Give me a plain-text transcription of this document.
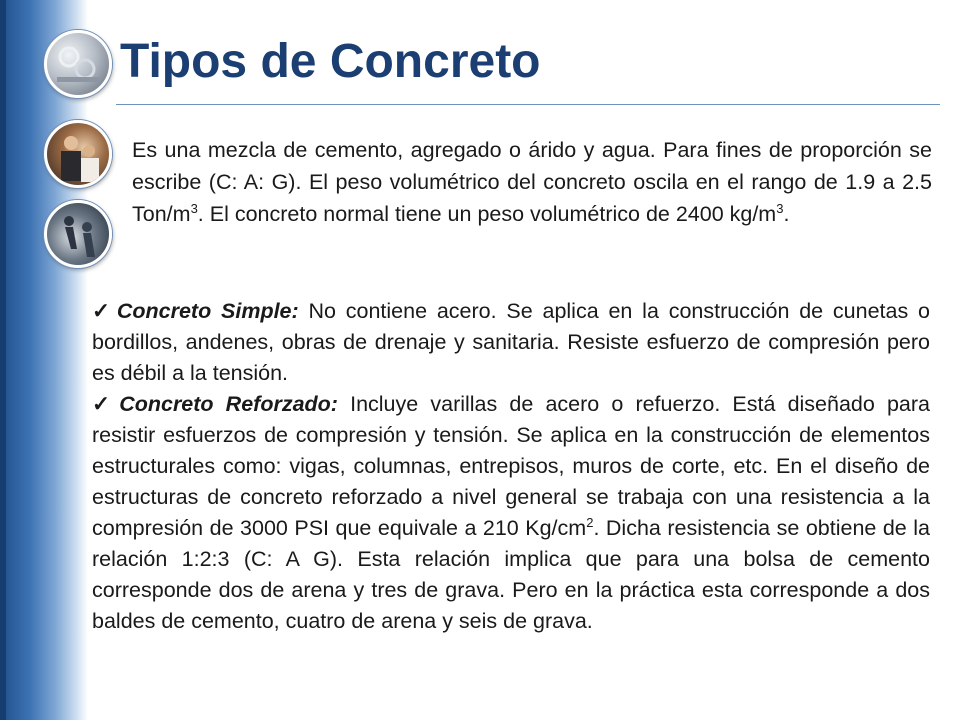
Tipos de Concreto

Es una mezcla de cemento, agregado o árido y agua. Para fines de proporción se escribe (C: A: G). El peso volumétrico del concreto oscila en el rango de 1.9 a 2.5 Ton/$m^3$. El concreto normal tiene un peso volumétrico de 2400 $kg/m^3$.

✓ Concreto Simple: No contiene acero. Se aplica en la construcción de cunetas o bordillos, andenes, obras de drenaje y sanitaria. Resiste esfuerzo de compresión pero es débil a la tensión.

✓ Concreto Reforzado: Incluye varillas de acero o refuerzo. Está diseñado para resistir esfuerzos de compresión y tensión. Se aplica en la construcción de elementos estructurales como: vigas, columnas, entrepisos, muros de corte, etc. En el diseño de estructuras de concreto reforzado a nivel general se trabaja con una resistencia a la compresión de 3000 PSI que equivale a 210 $Kg/cm^2$. Dicha resistencia se obtiene de la relación 1:2:3 (C: A G). Esta relación implica que para una bolsa de cemento corresponde dos de arena y tres de grava. Pero en la práctica esta corresponde a dos baldes de cemento, cuatro de arena y seis de grava.
